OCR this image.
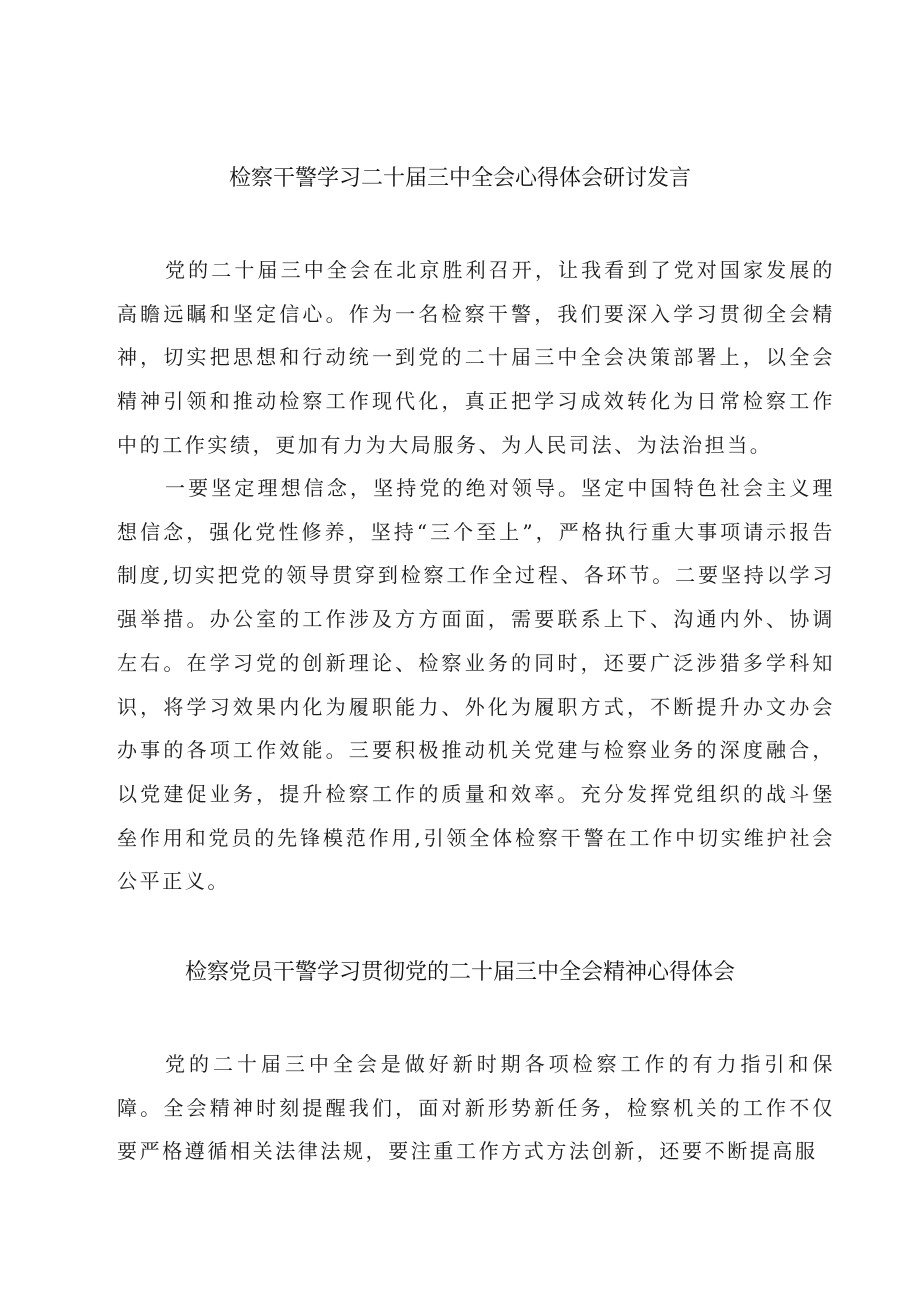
检察干警学习二十届三中全会心得体会研讨发言

党的二十届三中全会在北京胜利召开，让我看到了党对国家发展的高瞻远瞩和坚定信心。作为一名检察干警，我们要深入学习贯彻全会精神，切实把思想和行动统一到党的二十届三中全会决策部署上，以全会精神引领和推动检察工作现代化，真正把学习成效转化为日常检察工作中的工作实绩，更加有力为大局服务、为人民司法、为法治担当。

一要坚定理想信念，坚持党的绝对领导。坚定中国特色社会主义理想信念，强化党性修养，坚持“三个至上”，严格执行重大事项请示报告制度,切实把党的领导贯穿到检察工作全过程、各环节。二要坚持以学习强举措。办公室的工作涉及方方面面，需要联系上下、沟通内外、协调左右。在学习党的创新理论、检察业务的同时，还要广泛涉猎多学科知识，将学习效果内化为履职能力、外化为履职方式，不断提升办文办会办事的各项工作效能。三要积极推动机关党建与检察业务的深度融合，以党建促业务，提升检察工作的质量和效率。充分发挥党组织的战斗堡垒作用和党员的先锋模范作用,引领全体检察干警在工作中切实维护社会公平正义。

检察党员干警学习贯彻党的二十届三中全会精神心得体会

党的二十届三中全会是做好新时期各项检察工作的有力指引和保障。全会精神时刻提醒我们，面对新形势新任务，检察机关的工作不仅要严格遵循相关法律法规，要注重工作方式方法创新，还要不断提高服
